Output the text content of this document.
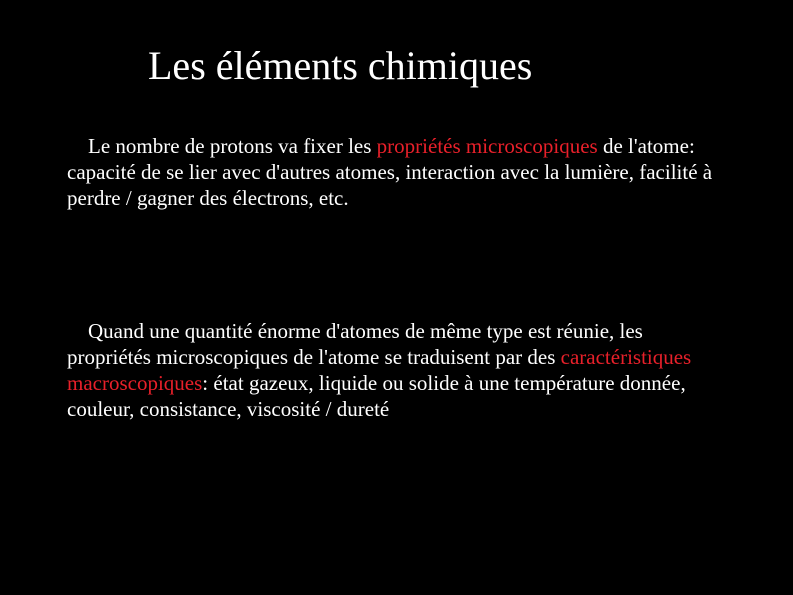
Les éléments chimiques

Le nombre de protons va fixer les propriétés microscopiques de l'atome: capacité de se lier avec d'autres atomes, interaction avec la lumière, facilité à perdre / gagner des électrons, etc.

Quand une quantité énorme d'atomes de même type est réunie, les propriétés microscopiques de l'atome se traduisent par des caractéristiques macroscopiques: état gazeux, liquide ou solide à une température donnée, couleur, consistance, viscosité / dureté
